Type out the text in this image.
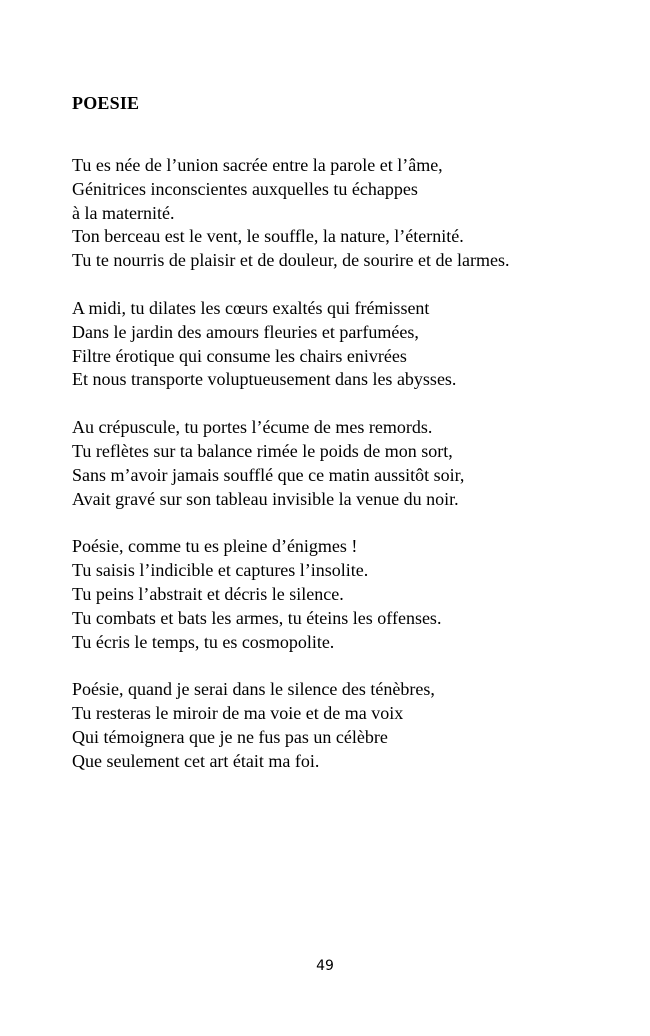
POESIE
Tu es née de l’union sacrée entre la parole et l’âme,
Génitrices inconscientes auxquelles tu échappes
à la maternité.
Ton berceau est le vent, le souffle, la nature, l’éternité.
Tu te nourris de plaisir et de douleur, de sourire et de larmes.
A midi, tu dilates les cœurs exaltés qui frémissent
Dans le jardin des amours fleuries et parfumées,
Filtre érotique qui consume les chairs enivrées
Et nous transporte voluptueusement dans les abysses.
Au crépuscule, tu portes l’écume de mes remords.
Tu reflètes sur ta balance rimée le poids de mon sort,
Sans m’avoir jamais soufflé que ce matin aussitôt soir,
Avait gravé sur son tableau invisible la venue du noir.
Poésie, comme tu es pleine d’énigmes !
Tu saisis l’indicible et captures l’insolite.
Tu peins l’abstrait et décris le silence.
Tu combats et bats les armes, tu éteins les offenses.
Tu écris le temps, tu es cosmopolite.
Poésie, quand je serai dans le silence des ténèbres,
Tu resteras le miroir de ma voie et de ma voix
Qui témoignera que je ne fus pas un célèbre
Que seulement cet art était ma foi.
49
